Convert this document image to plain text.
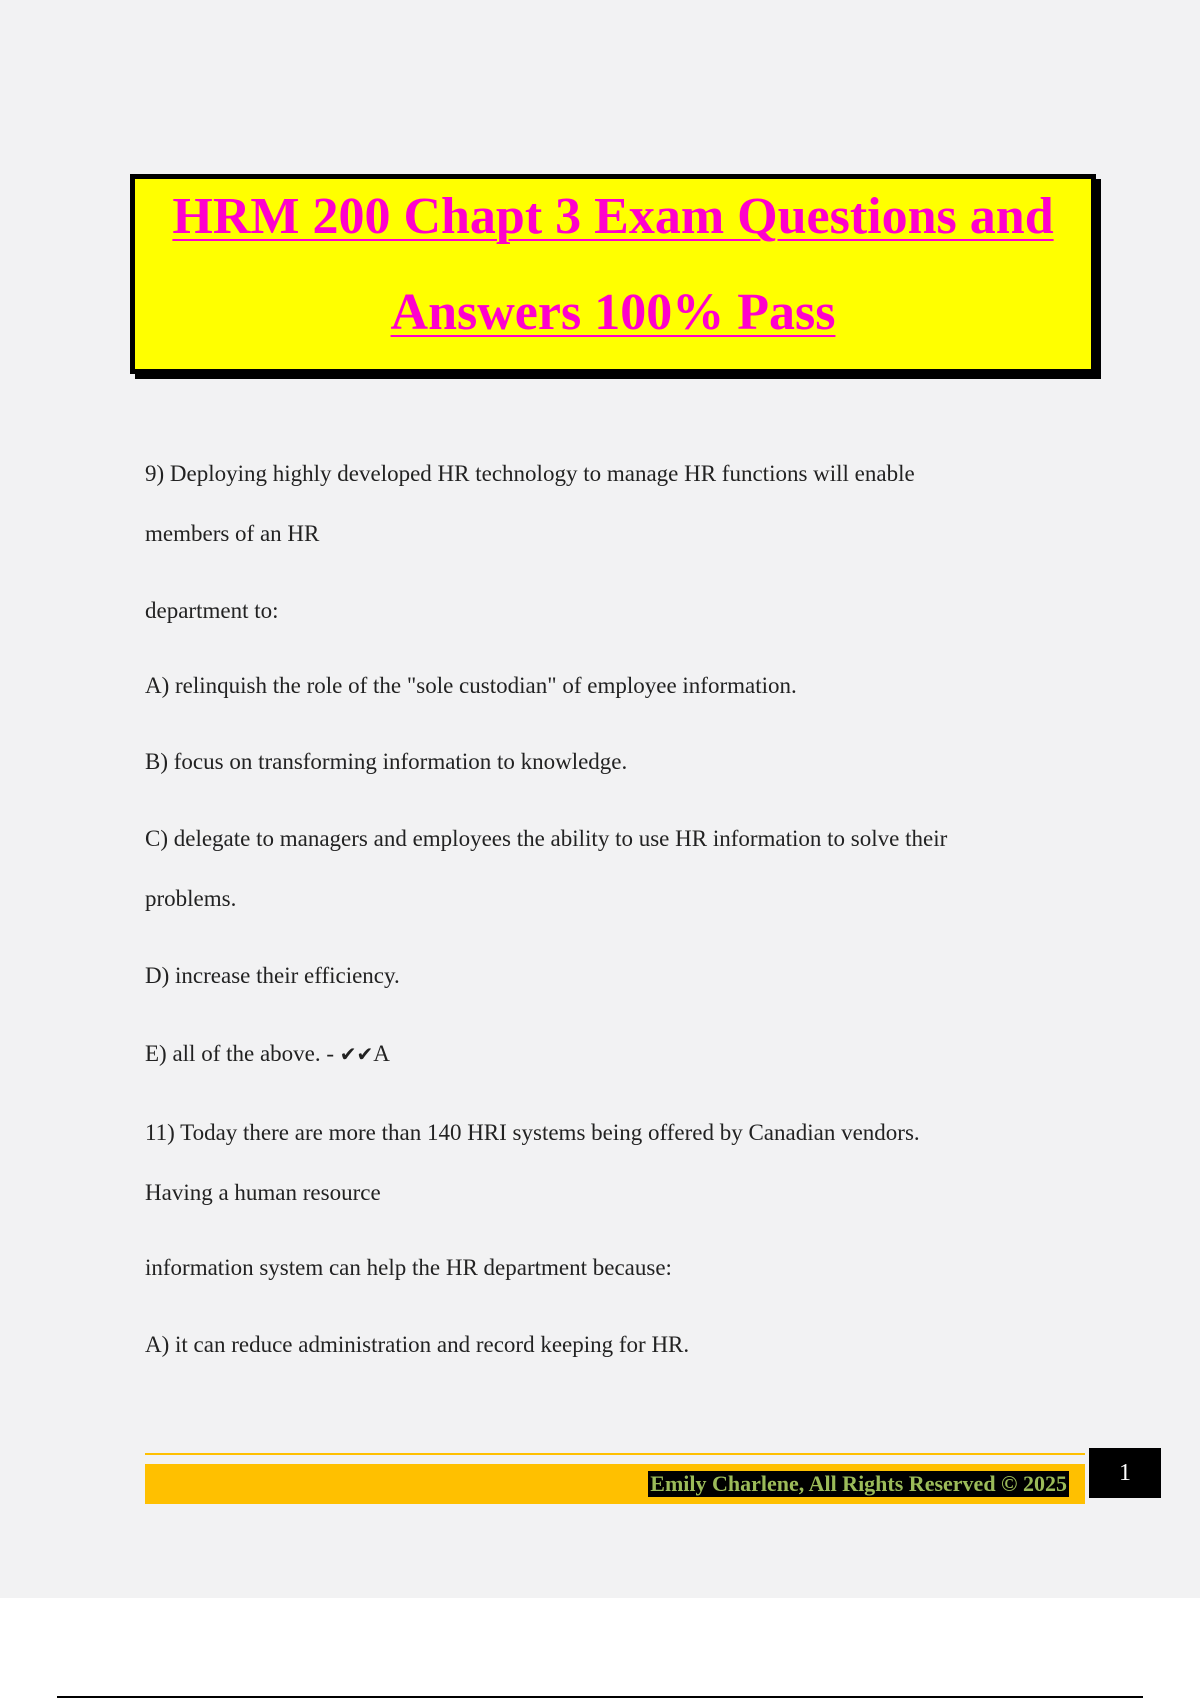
HRM 200 Chapt 3 Exam Questions and
Answers 100% Pass
9) Deploying highly developed HR technology to manage HR functions will enable
members of an HR
department to:
A) relinquish the role of the "sole custodian" of employee information.
B) focus on transforming information to knowledge.
C) delegate to managers and employees the ability to use HR information to solve their
problems.
D) increase their efficiency.
E) all of the above. - ✔✔A
11) Today there are more than 140 HRI systems being offered by Canadian vendors.
Having a human resource
information system can help the HR department because:
A) it can reduce administration and record keeping for HR.
Emily Charlene, All Rights Reserved © 2025	1
